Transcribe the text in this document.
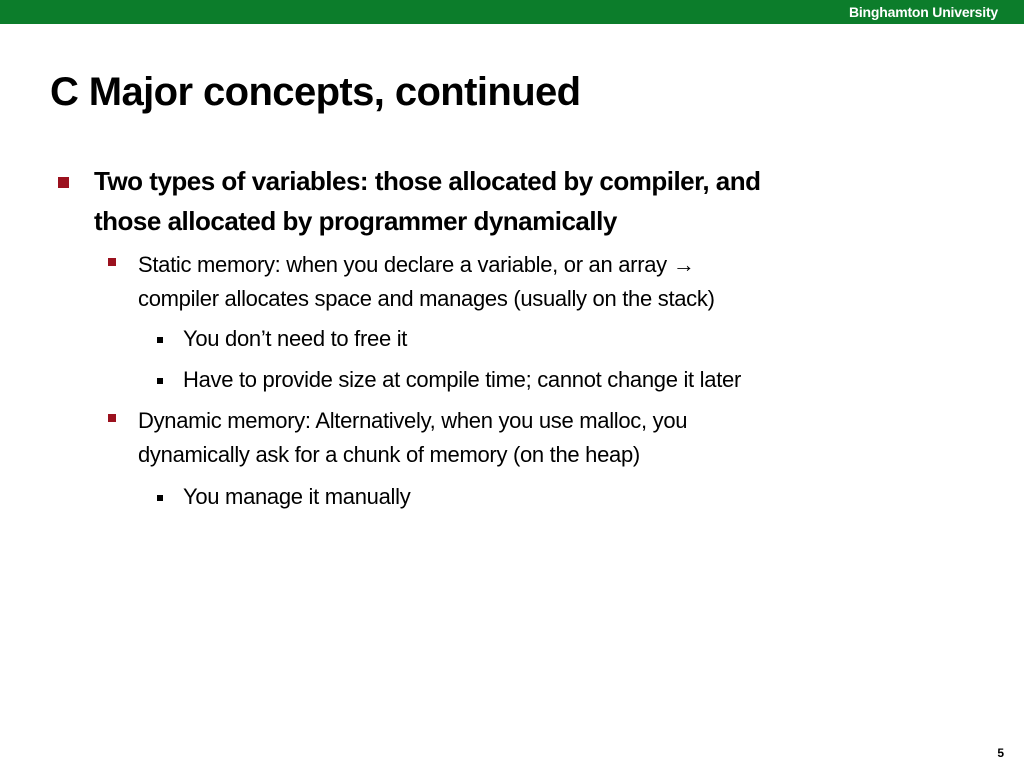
Binghamton University
C Major concepts, continued
Two types of variables: those allocated by compiler, and
those allocated by programmer dynamically
Static memory: when you declare a variable, or an array →
compiler allocates space and manages (usually on the stack)
You don’t need to free it
Have to provide size at compile time; cannot change it later
Dynamic memory: Alternatively, when you use malloc, you
dynamically ask for a chunk of memory (on the heap)
You manage it manually
5
